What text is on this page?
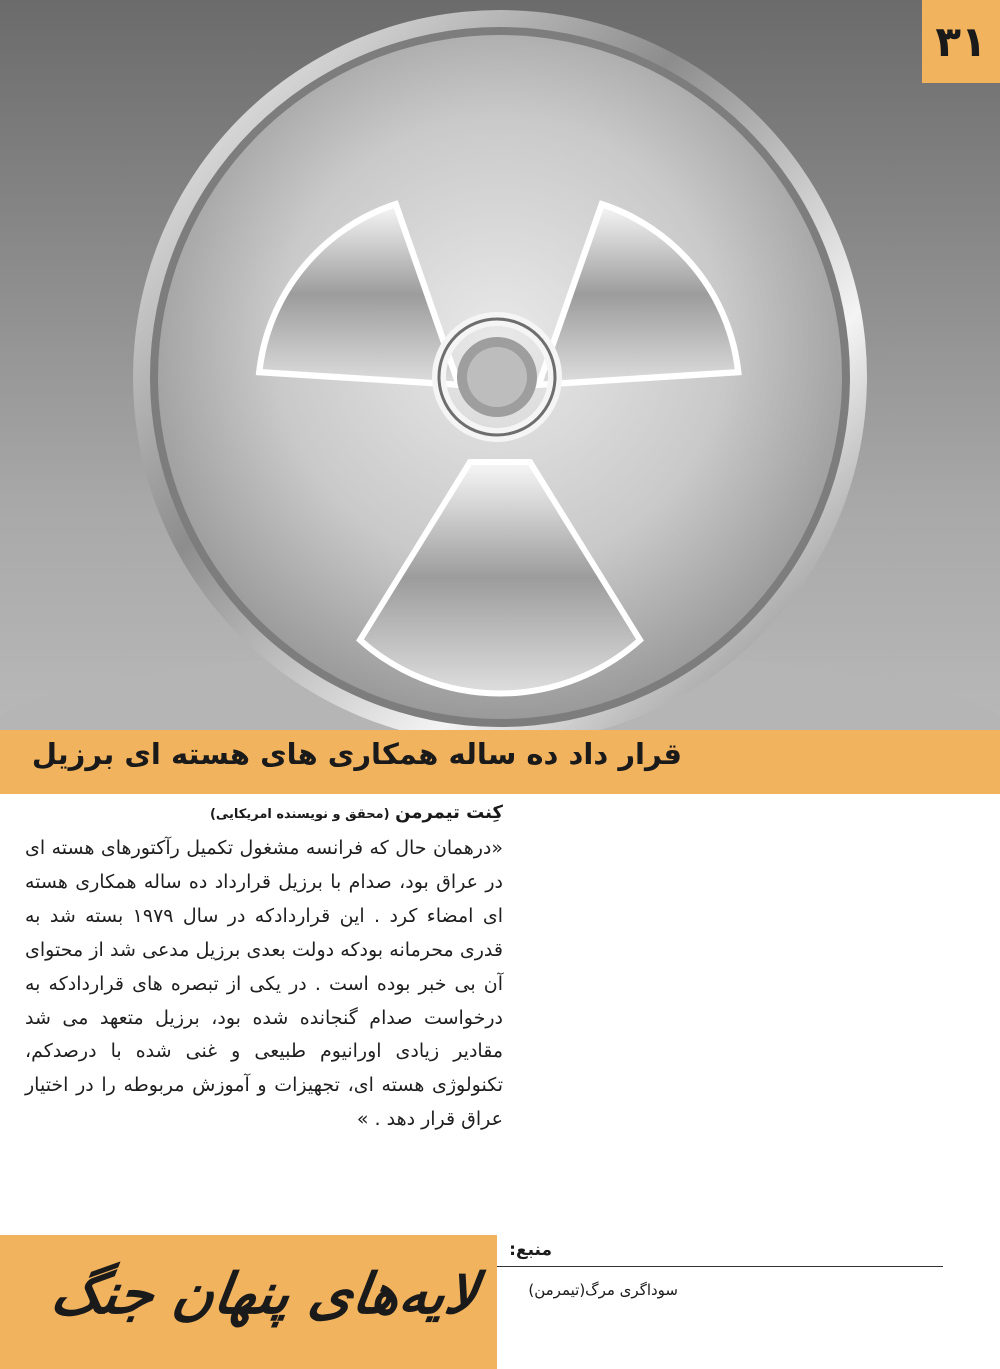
۳۱
قرار داد ده ساله همکاری های هسته ای برزیل
کِنت تیمرمن (محقق و نویسنده امریکایی)
«درهمان حال که فرانسه مشغول تکمیل رآکتورهای هسته ای در عراق بود، صدام با برزیل قرارداد ده ساله همکاری هسته ای امضاء کرد . این قراردادکه در سال ۱۹۷۹ بسته شد به قدری محرمانه بودکه دولت بعدی برزیل مدعی شد از محتوای آن بی خبر بوده است . در یکی از تبصره های قراردادکه به درخواست صدام گنجانده شده بود، برزیل متعهد می شد مقادیر زیادی اورانیوم طبیعی و غنی شده با درصدکم، تکنولوژی هسته ای، تجهیزات و آموزش مربوطه را در اختیار عراق قرار دهد . »
لایه‌های پنهان جنگ
منبع:
سوداگری مرگ(تیمرمن)
